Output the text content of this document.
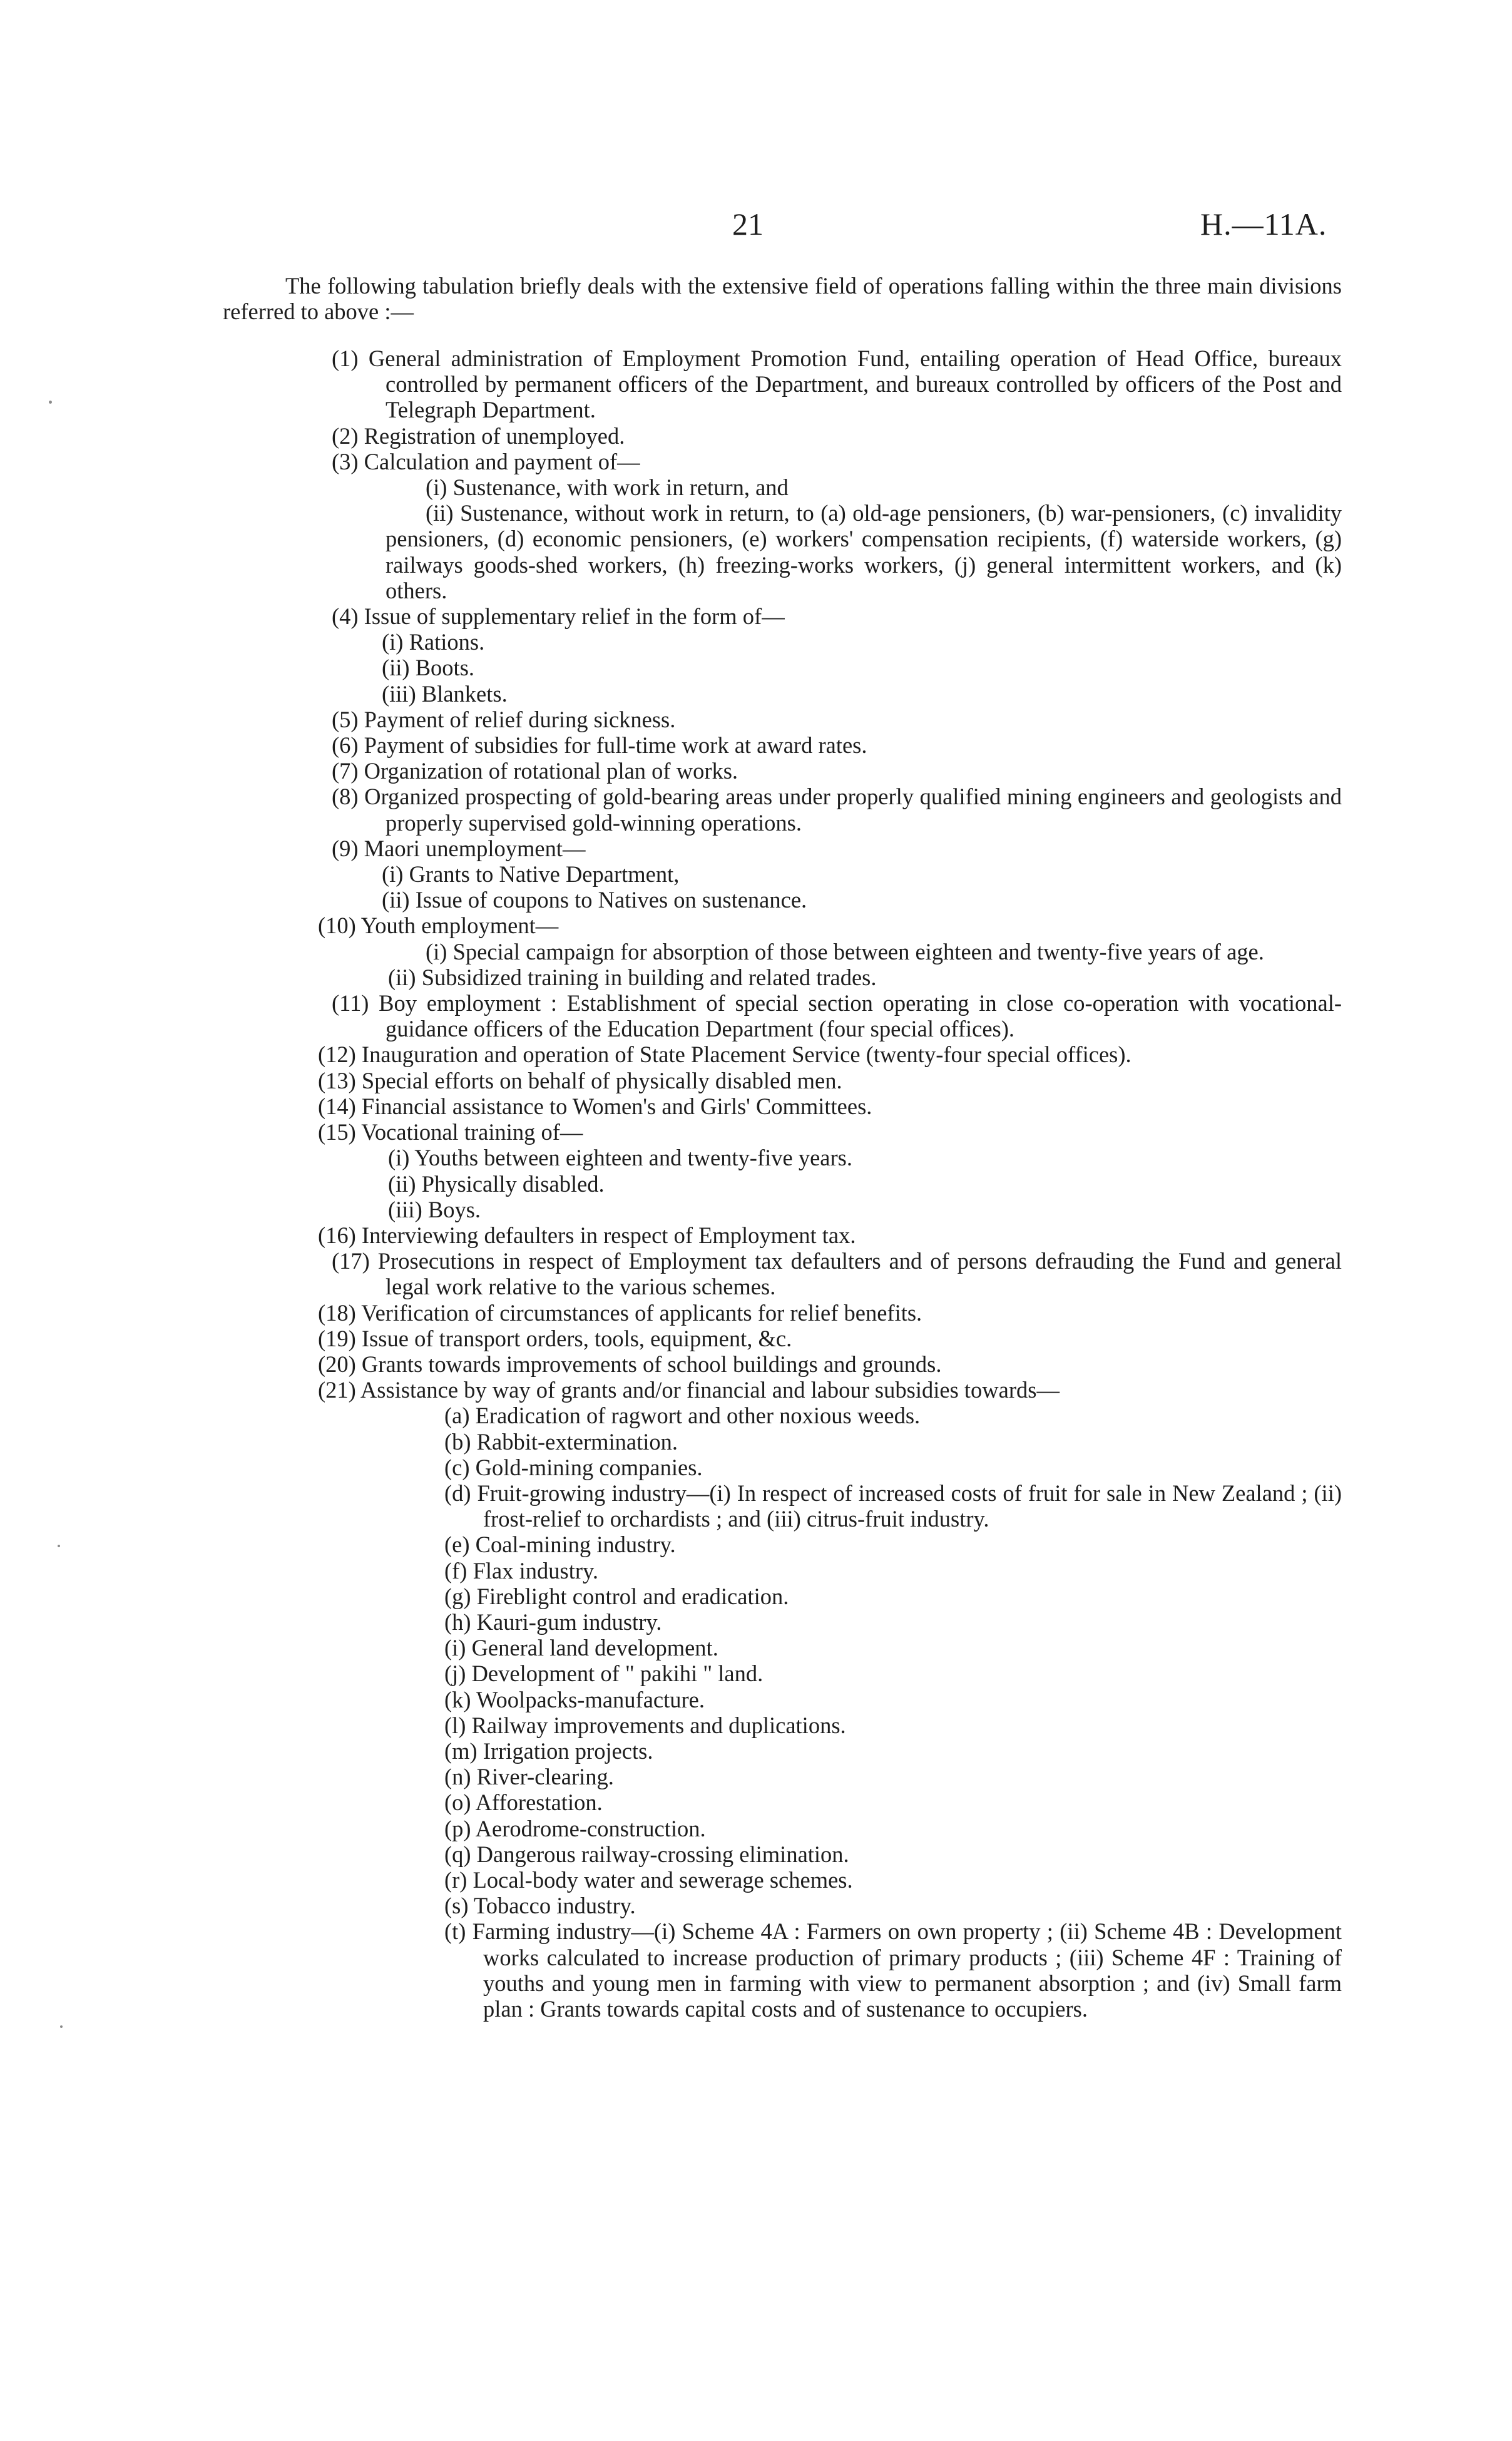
21	H.—11A.

The following tabulation briefly deals with the extensive field of operations falling within the three main divisions referred to above :—

(1) General administration of Employment Promotion Fund, entailing operation of Head Office, bureaux controlled by permanent officers of the Department, and bureaux controlled by officers of the Post and Telegraph Department.

(2) Registration of unemployed.

(3) Calculation and payment of—

(i) Sustenance, with work in return, and

(ii) Sustenance, without work in return, to (a) old-age pensioners, (b) war-pensioners, (c) invalidity pensioners, (d) economic pensioners, (e) workers' compensation recipients, (f) waterside workers, (g) railways goods-shed workers, (h) freezing-works workers, (j) general intermittent workers, and (k) others.

(4) Issue of supplementary relief in the form of—

(i) Rations.

(ii) Boots.

(iii) Blankets.

(5) Payment of relief during sickness.

(6) Payment of subsidies for full-time work at award rates.

(7) Organization of rotational plan of works.

(8) Organized prospecting of gold-bearing areas under properly qualified mining engineers and geologists and properly supervised gold-winning operations.

(9) Maori unemployment—

(i) Grants to Native Department,

(ii) Issue of coupons to Natives on sustenance.

(10) Youth employment—

(i) Special campaign for absorption of those between eighteen and twenty-five years of age.

(ii) Subsidized training in building and related trades.

(11) Boy employment : Establishment of special section operating in close co-operation with vocational-guidance officers of the Education Department (four special offices).

(12) Inauguration and operation of State Placement Service (twenty-four special offices).

(13) Special efforts on behalf of physically disabled men.

(14) Financial assistance to Women's and Girls' Committees.

(15) Vocational training of—

(i) Youths between eighteen and twenty-five years.

(ii) Physically disabled.

(iii) Boys.

(16) Interviewing defaulters in respect of Employment tax.

(17) Prosecutions in respect of Employment tax defaulters and of persons defrauding the Fund and general legal work relative to the various schemes.

(18) Verification of circumstances of applicants for relief benefits.

(19) Issue of transport orders, tools, equipment, &c.

(20) Grants towards improvements of school buildings and grounds.

(21) Assistance by way of grants and/or financial and labour subsidies towards—

(a) Eradication of ragwort and other noxious weeds.

(b) Rabbit-extermination.

(c) Gold-mining companies.

(d) Fruit-growing industry—(i) In respect of increased costs of fruit for sale in New Zealand ; (ii) frost-relief to orchardists ; and (iii) citrus-fruit industry.

(e) Coal-mining industry.

(f) Flax industry.

(g) Fireblight control and eradication.

(h) Kauri-gum industry.

(i) General land development.

(j) Development of " pakihi " land.

(k) Woolpacks-manufacture.

(l) Railway improvements and duplications.

(m) Irrigation projects.

(n) River-clearing.

(o) Afforestation.

(p) Aerodrome-construction.

(q) Dangerous railway-crossing elimination.

(r) Local-body water and sewerage schemes.

(s) Tobacco industry.

(t) Farming industry—(i) Scheme 4A : Farmers on own property ; (ii) Scheme 4B : Development works calculated to increase production of primary products ; (iii) Scheme 4F : Training of youths and young men in farming with view to permanent absorption ; and (iv) Small farm plan : Grants towards capital costs and of sustenance to occupiers.
